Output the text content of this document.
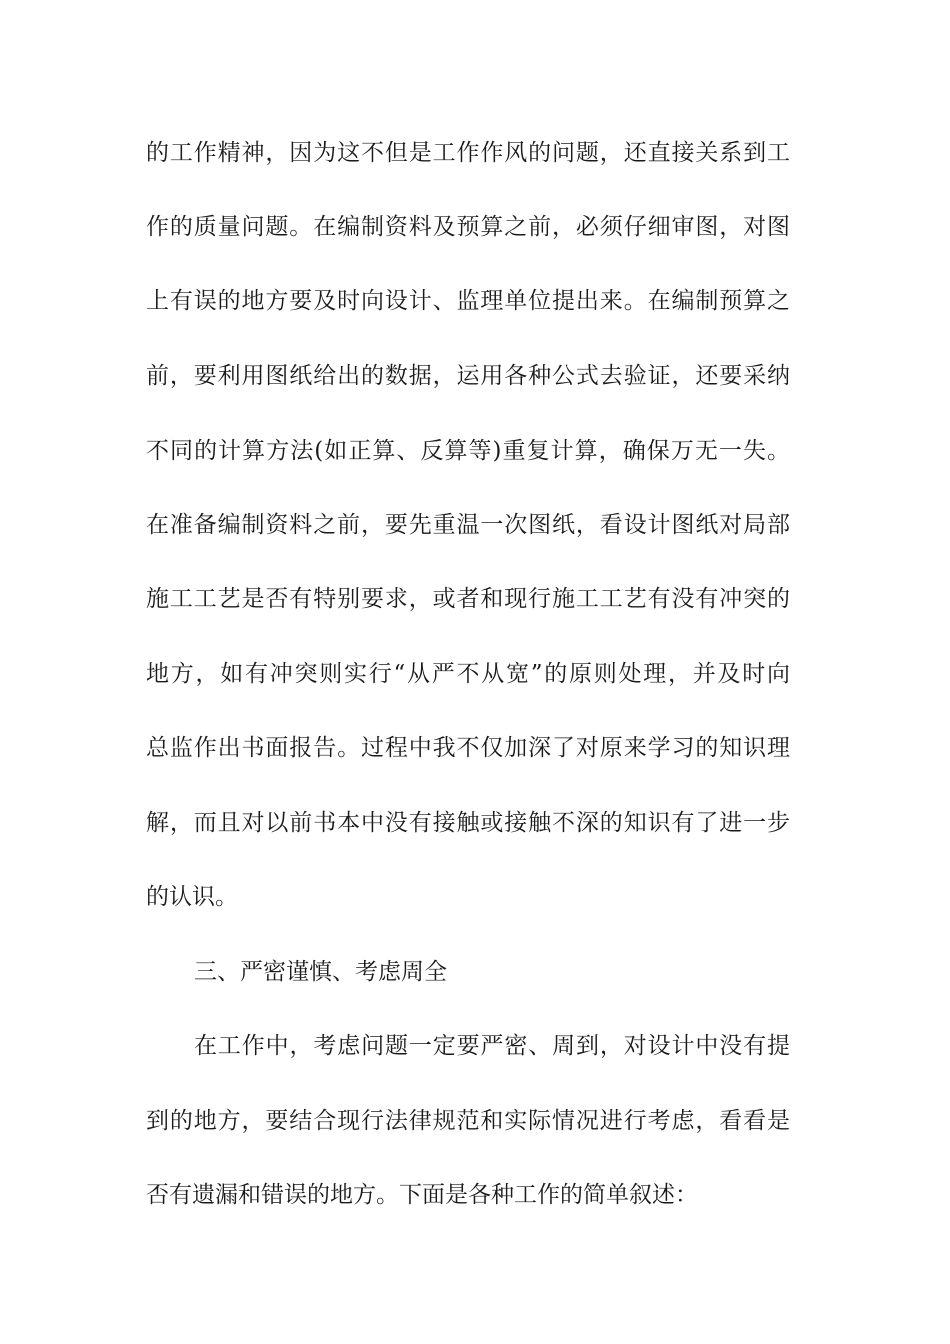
的工作精神，因为这不但是工作作风的问题，还直接关系到工
作的质量问题。在编制资料及预算之前，必须仔细审图，对图
上有误的地方要及时向设计、监理单位提出来。在编制预算之
前，要利用图纸给出的数据，运用各种公式去验证，还要采纳
不同的计算方法(如正算、反算等)重复计算，确保万无一失。
在准备编制资料之前，要先重温一次图纸，看设计图纸对局部
施工工艺是否有特别要求，或者和现行施工工艺有没有冲突的
地方，如有冲突则实行“从严不从宽”的原则处理，并及时向
总监作出书面报告。过程中我不仅加深了对原来学习的知识理
解，而且对以前书本中没有接触或接触不深的知识有了进一步
的认识。
三、严密谨慎、考虑周全
在工作中，考虑问题一定要严密、周到，对设计中没有提
到的地方，要结合现行法律规范和实际情况进行考虑，看看是
否有遗漏和错误的地方。下面是各种工作的简单叙述：
